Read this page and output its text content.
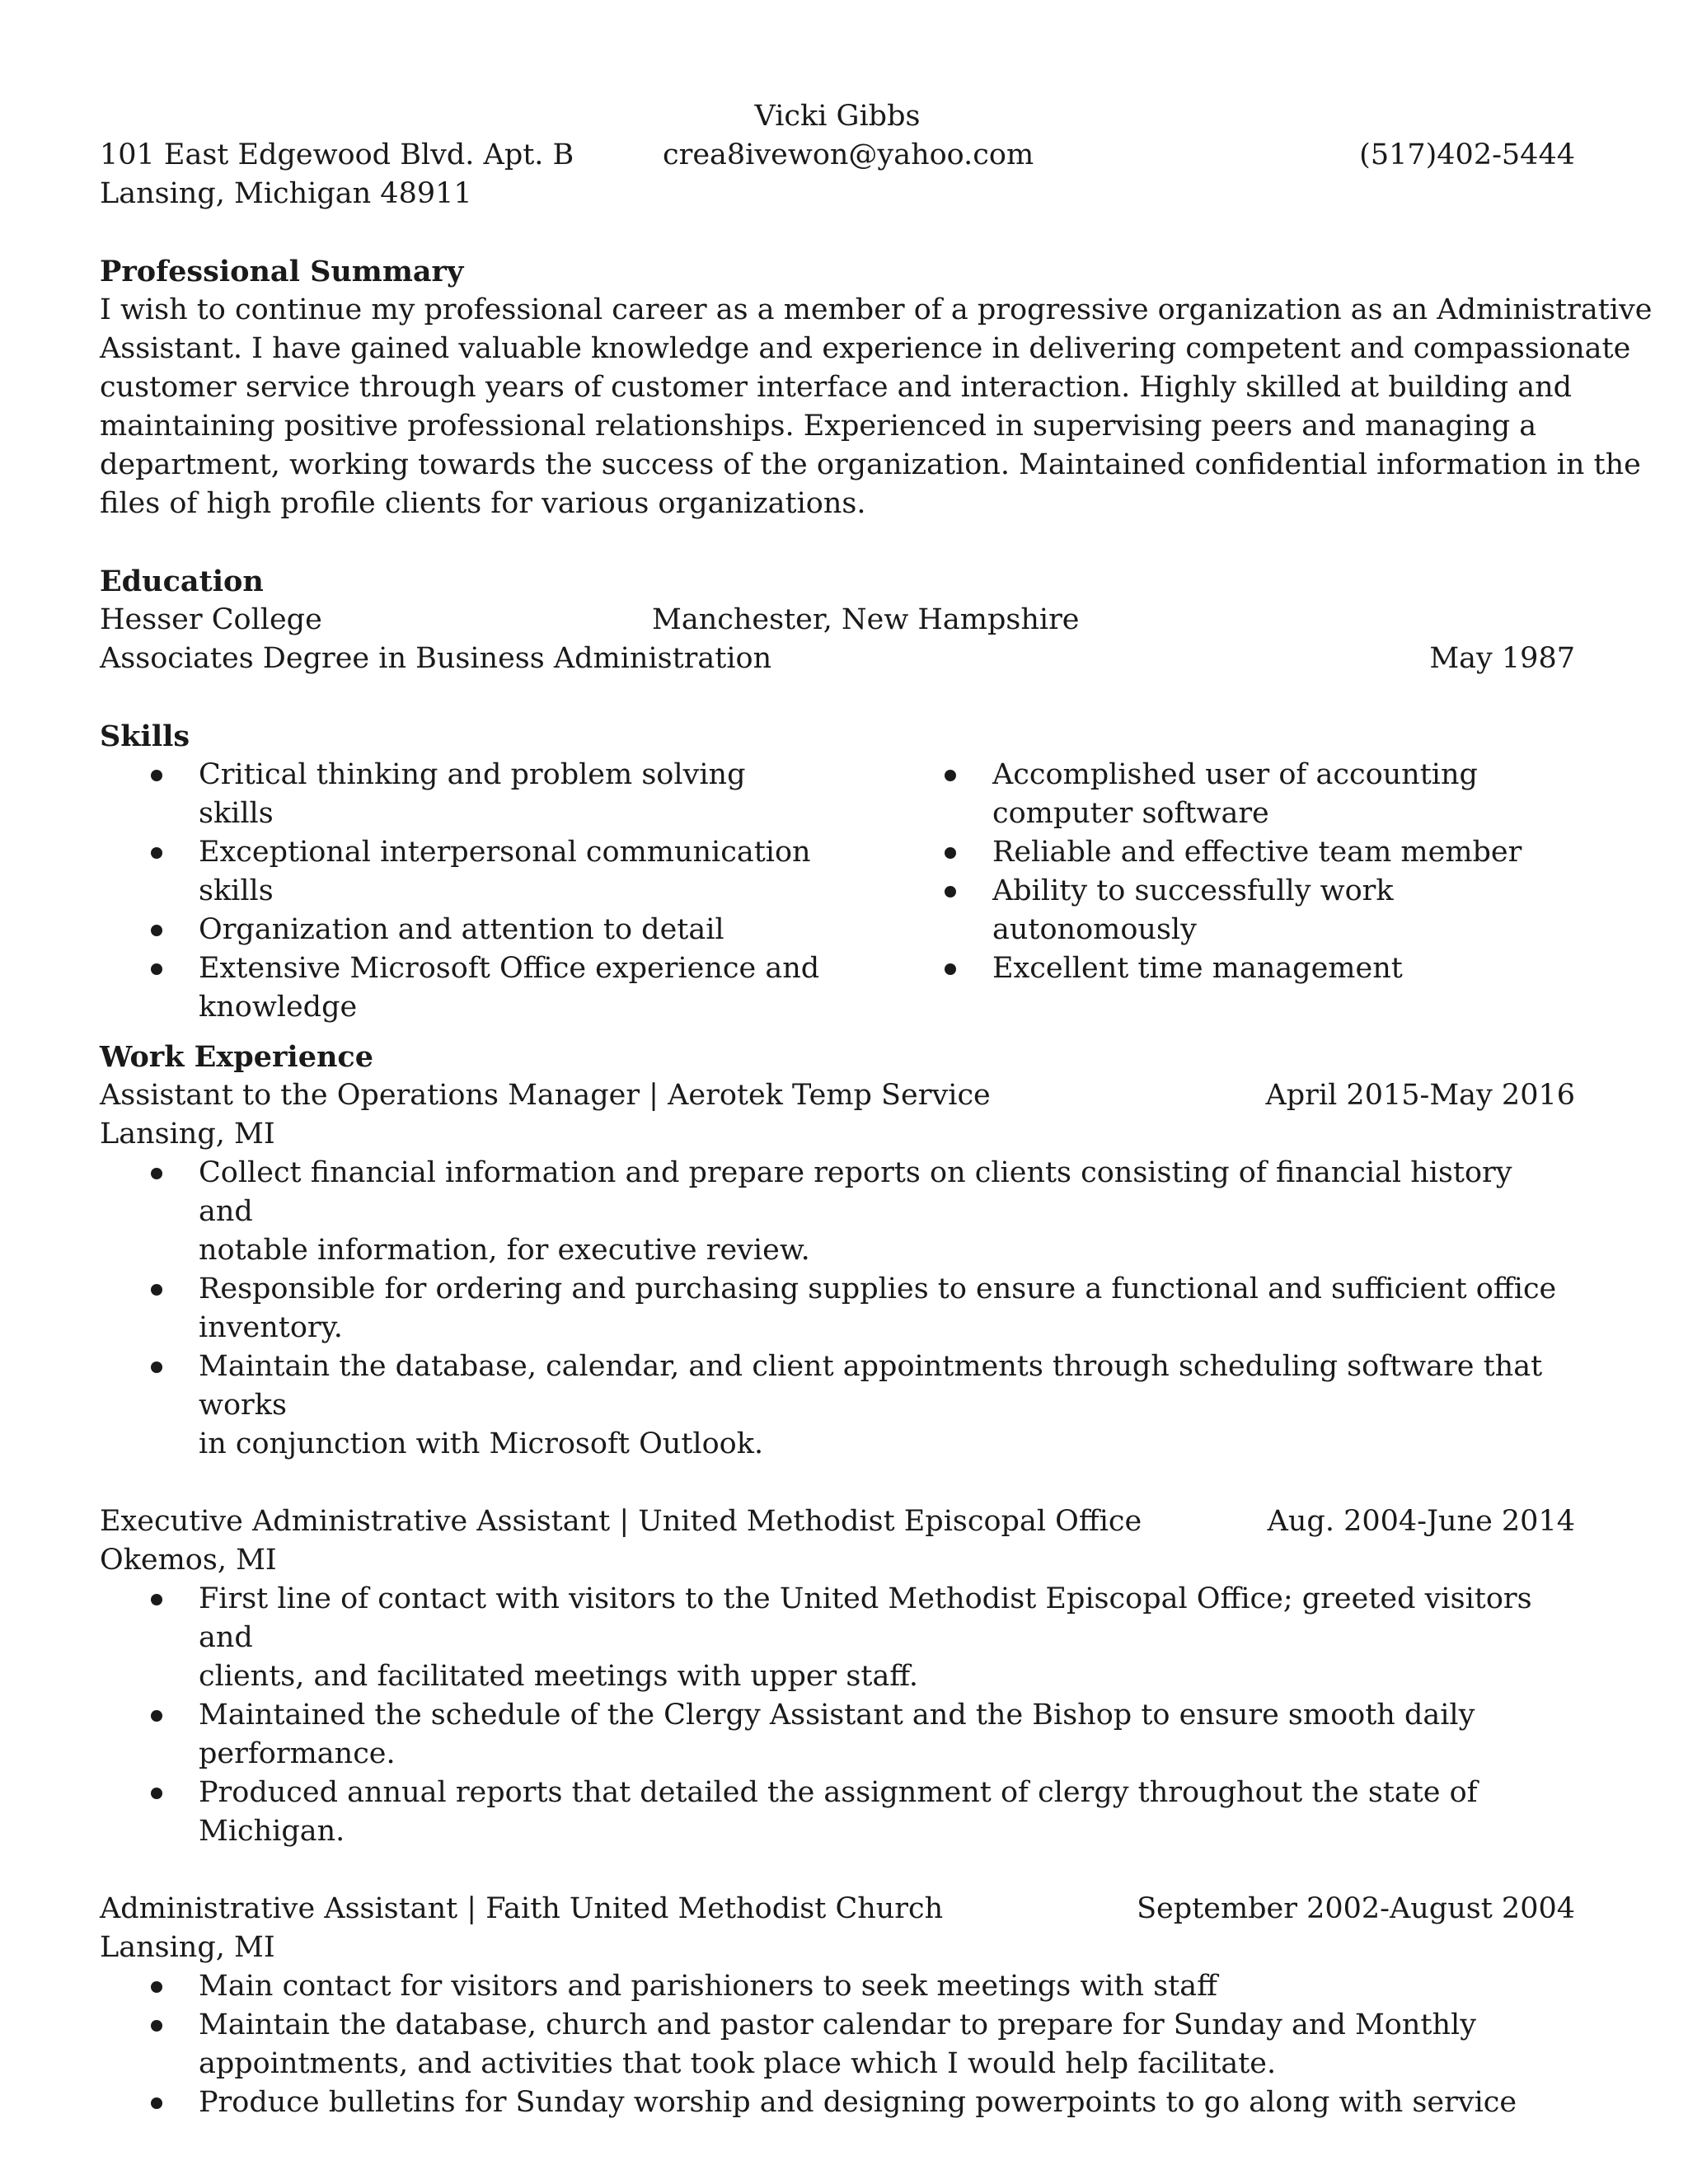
Vicki Gibbs

101 East Edgewood Blvd. Apt. B	crea8ivewon@yahoo.com	(517)402-5444

Lansing, Michigan 48911

Professional Summary

I wish to continue my professional career as a member of a progressive organization as an Administrative
Assistant. I have gained valuable knowledge and experience in delivering competent and compassionate
customer service through years of customer interface and interaction. Highly skilled at building and
maintaining positive professional relationships. Experienced in supervising peers and managing a
department, working towards the success of the organization. Maintained confidential information in the
files of high profile clients for various organizations.

Education

Hesser College	Manchester, New Hampshire
Associates Degree in Business Administration	May 1987

Skills

Critical thinking and problem solving
skills
Exceptional interpersonal communication
skills
Organization and attention to detail
Extensive Microsoft Office experience and
knowledge
Accomplished user of accounting
computer software
Reliable and effective team member
Ability to successfully work
autonomously
Excellent time management

Work Experience

Assistant to the Operations Manager | Aerotek Temp Service	April 2015-May 2016

Lansing, MI

Collect financial information and prepare reports on clients consisting of financial history and
notable information, for executive review.
Responsible for ordering and purchasing supplies to ensure a functional and sufficient office
inventory.
Maintain the database, calendar, and client appointments through scheduling software that works
in conjunction with Microsoft Outlook.
Executive Administrative Assistant | United Methodist Episcopal Office	Aug. 2004-June 2014

Okemos, MI

First line of contact with visitors to the United Methodist Episcopal Office; greeted visitors and
clients, and facilitated meetings with upper staff.
Maintained the schedule of the Clergy Assistant and the Bishop to ensure smooth daily
performance.
Produced annual reports that detailed the assignment of clergy throughout the state of Michigan.
Administrative Assistant | Faith United Methodist Church	September 2002-August 2004

Lansing, MI

Main contact for visitors and parishioners to seek meetings with staff
Maintain the database, church and pastor calendar to prepare for Sunday and Monthly
appointments, and activities that took place which I would help facilitate.
Produce bulletins for Sunday worship and designing powerpoints to go along with service
